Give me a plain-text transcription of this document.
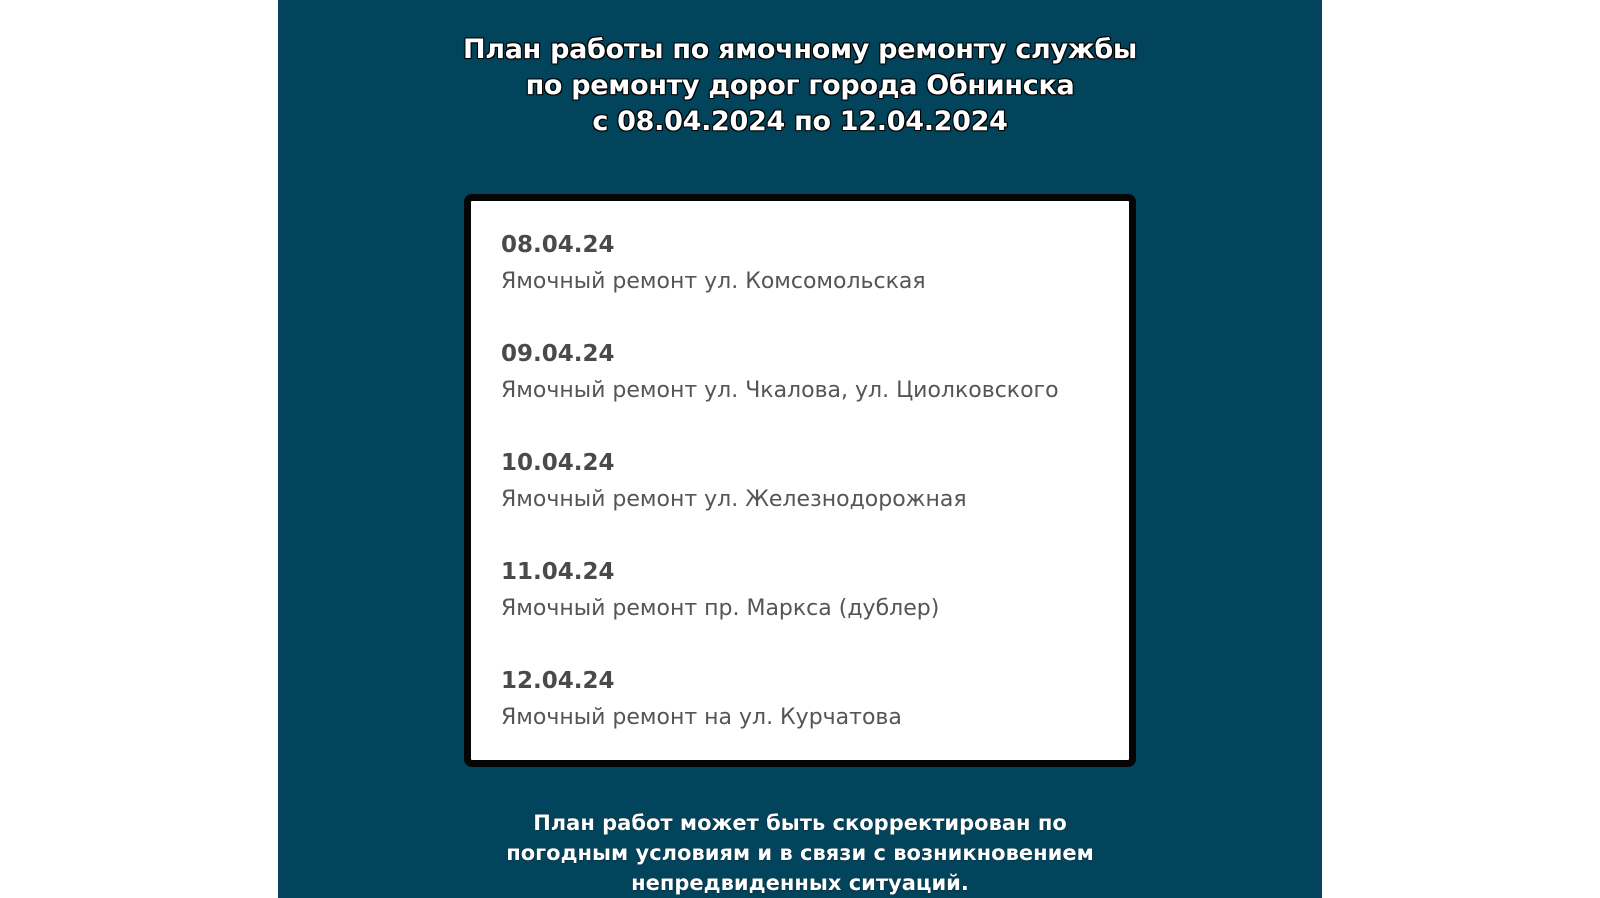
План работы по ямочному ремонту службы
по ремонту дорог города Обнинска
с 08.04.2024 по 12.04.2024
08.04.24
Ямочный ремонт ул. Комсомольская
09.04.24
Ямочный ремонт ул. Чкалова, ул. Циолковского
10.04.24
Ямочный ремонт ул. Железнодорожная
11.04.24
Ямочный ремонт пр. Маркса (дублер)
12.04.24
Ямочный ремонт на ул. Курчатова
План работ может быть скорректирован по
погодным условиям и в связи с возникновением
непредвиденных ситуаций.
